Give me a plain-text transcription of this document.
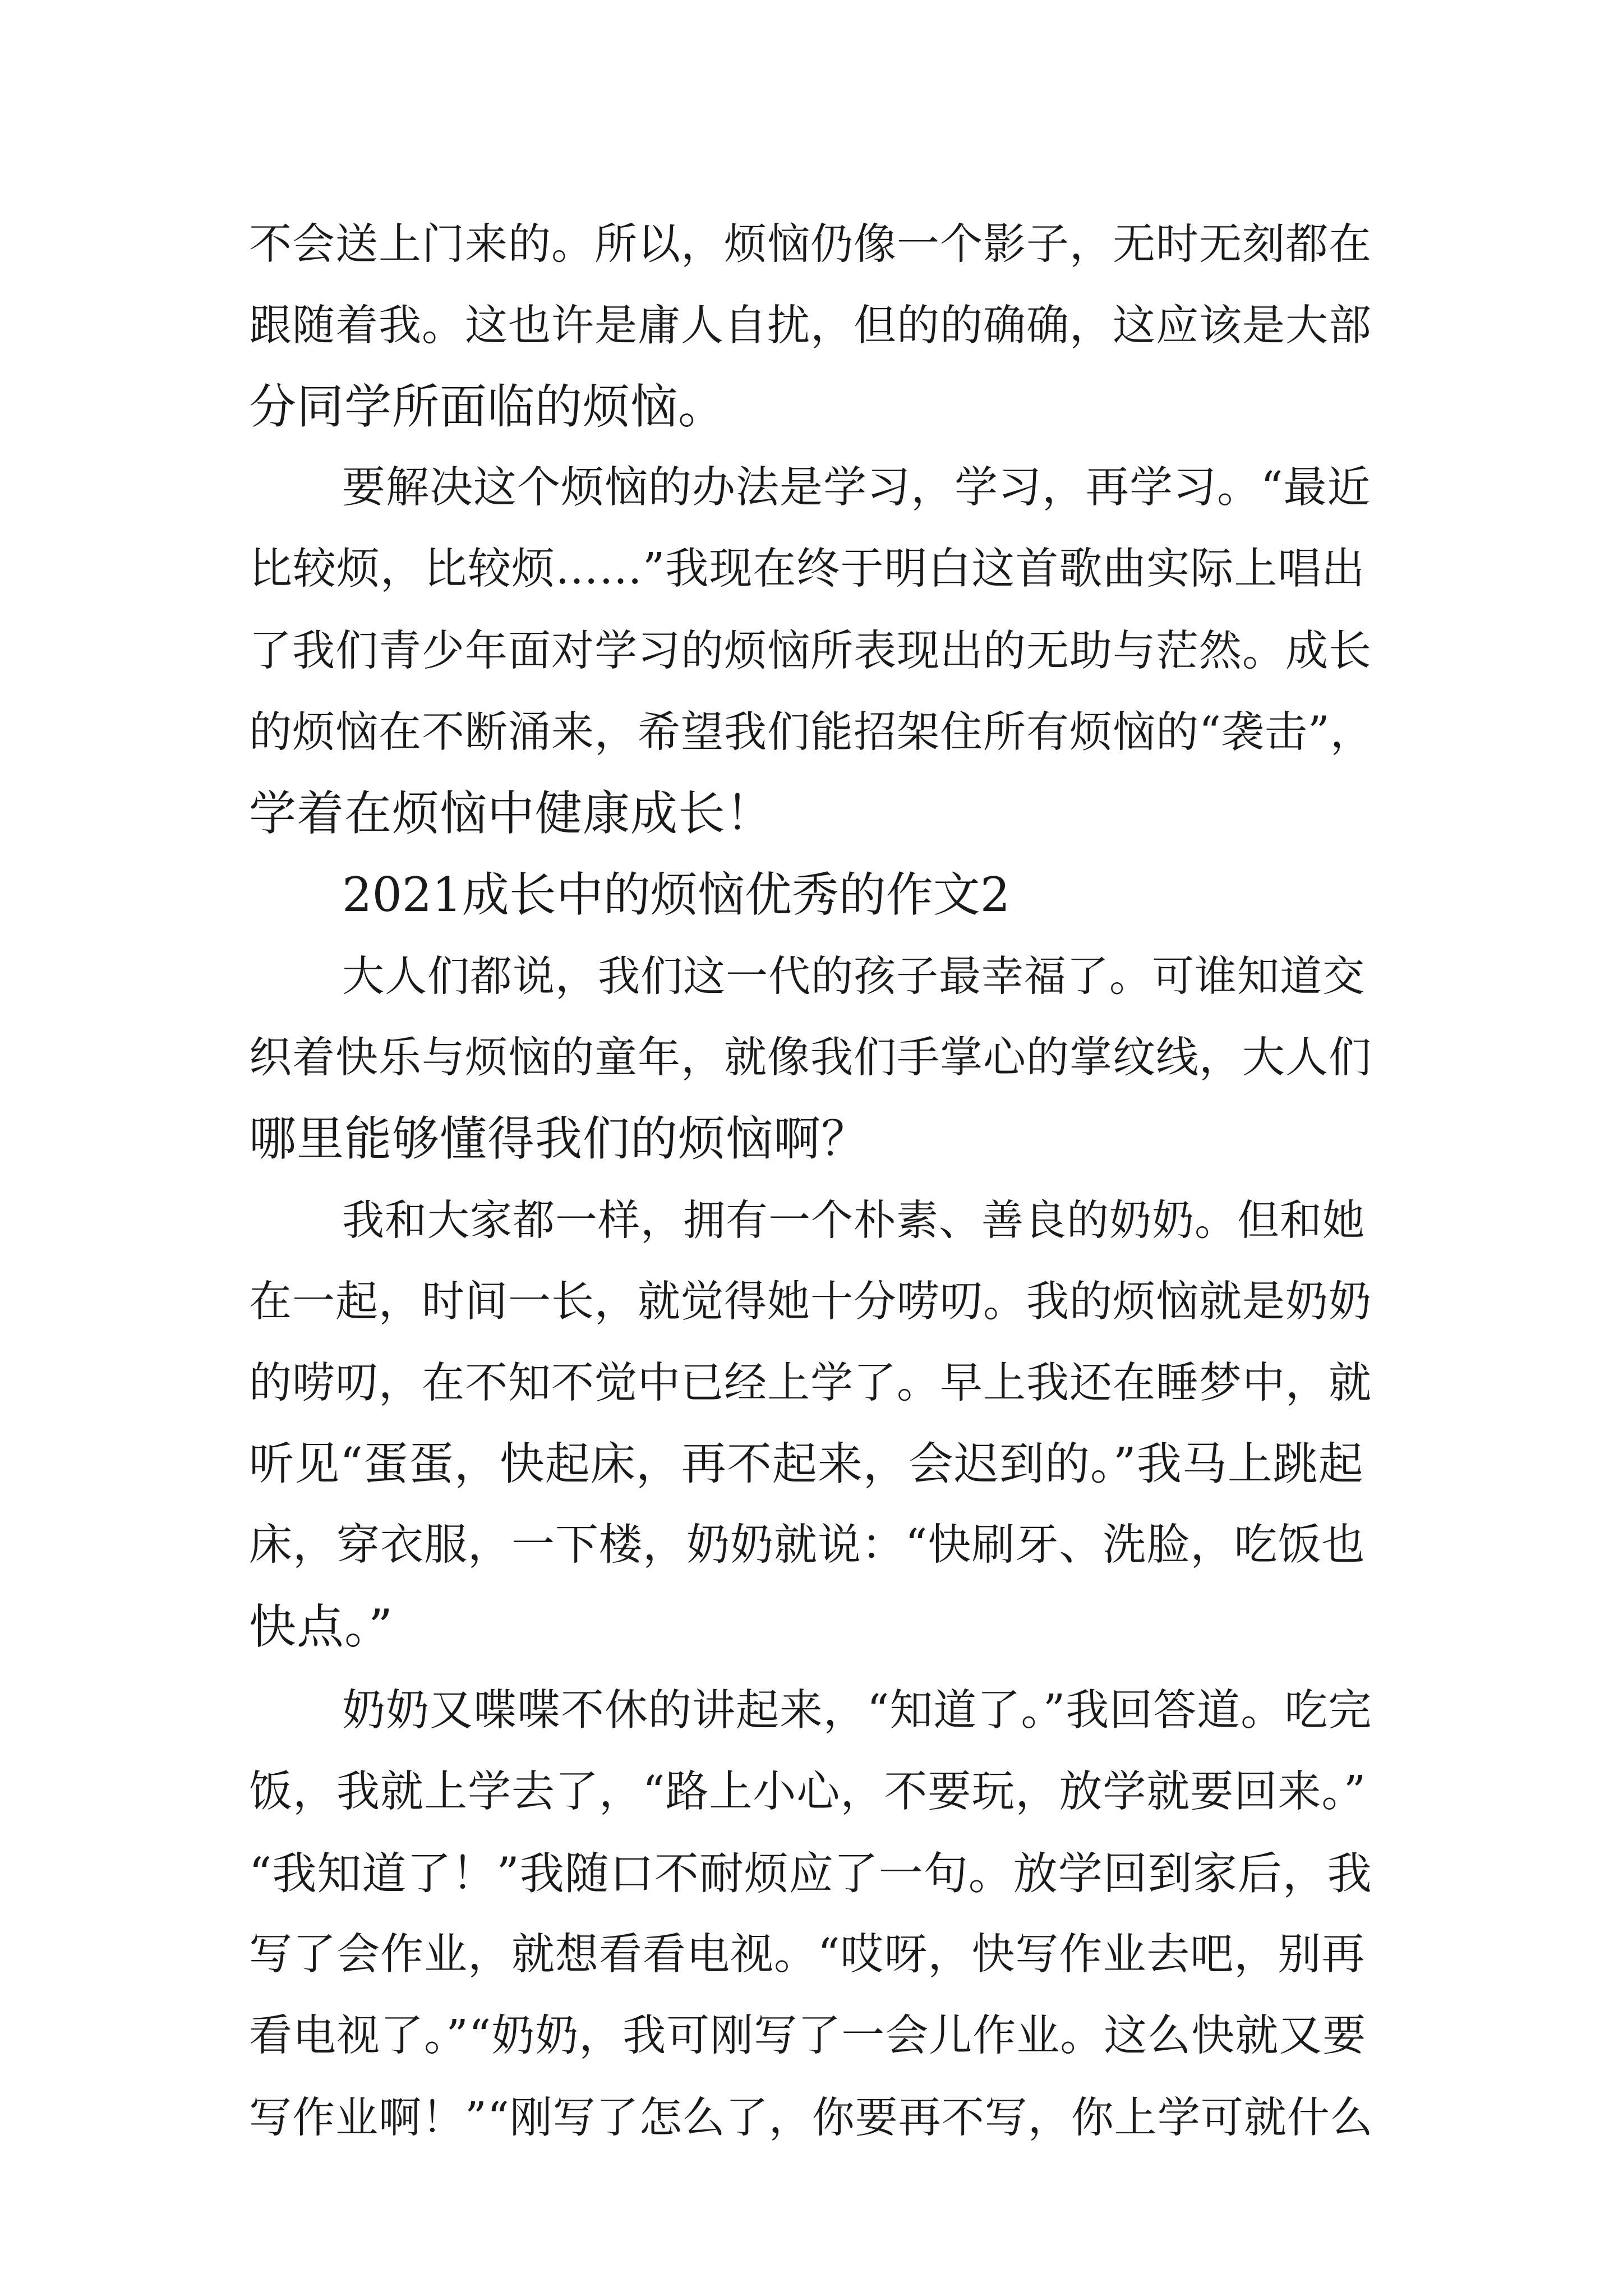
不会送上门来的。所以，烦恼仍像一个影子，无时无刻都在
跟随着我。这也许是庸人自扰，但的的确确，这应该是大部
分同学所面临的烦恼。
要解决这个烦恼的办法是学习，学习，再学习。“最近
比较烦，比较烦……”我现在终于明白这首歌曲实际上唱出
了我们青少年面对学习的烦恼所表现出的无助与茫然。成长
的烦恼在不断涌来，希望我们能招架住所有烦恼的“袭击”，
学着在烦恼中健康成长！
2021成长中的烦恼优秀的作文2
大人们都说，我们这一代的孩子最幸福了。可谁知道交
织着快乐与烦恼的童年，就像我们手掌心的掌纹线，大人们
哪里能够懂得我们的烦恼啊？
我和大家都一样，拥有一个朴素、善良的奶奶。但和她
在一起，时间一长，就觉得她十分唠叨。我的烦恼就是奶奶
的唠叨，在不知不觉中已经上学了。早上我还在睡梦中，就
听见“蛋蛋，快起床，再不起来，会迟到的。”我马上跳起
床，穿衣服，一下楼，奶奶就说：“快刷牙、洗脸，吃饭也
快点。”
奶奶又喋喋不休的讲起来，“知道了。”我回答道。吃完
饭，我就上学去了，“路上小心，不要玩，放学就要回来。”
“我知道了！”我随口不耐烦应了一句。放学回到家后，我
写了会作业，就想看看电视。“哎呀，快写作业去吧，别再
看电视了。”“奶奶，我可刚写了一会儿作业。这么快就又要
写作业啊！”“刚写了怎么了，你要再不写，你上学可就什么
